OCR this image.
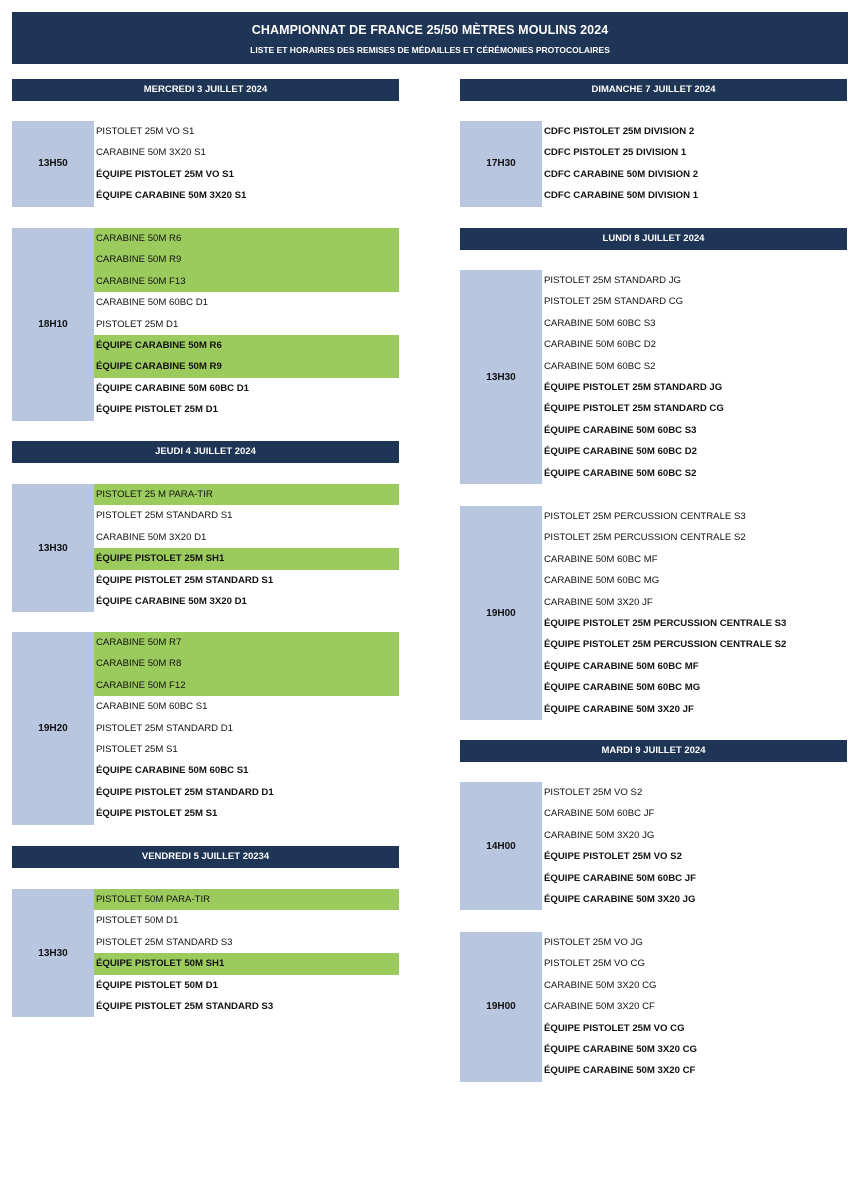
CHAMPIONNAT DE FRANCE 25/50 MÈTRES MOULINS 2024
LISTE ET HORAIRES DES REMISES DE MÉDAILLES ET CÉRÉMONIES PROTOCOLAIRES
MERCREDI 3 JUILLET 2024
13H50
PISTOLET 25M VO S1
CARABINE 50M 3X20 S1
ÉQUIPE PISTOLET 25M VO S1
ÉQUIPE CARABINE 50M 3X20 S1
18H10
CARABINE 50M R6
CARABINE 50M R9
CARABINE 50M F13
CARABINE 50M 60BC D1
PISTOLET 25M D1
ÉQUIPE CARABINE 50M R6
ÉQUIPE CARABINE 50M R9
ÉQUIPE CARABINE 50M 60BC D1
ÉQUIPE PISTOLET 25M D1
JEUDI 4 JUILLET 2024
13H30
PISTOLET 25 M PARA-TIR
PISTOLET 25M STANDARD S1
CARABINE 50M 3X20 D1
ÉQUIPE PISTOLET 25M SH1
ÉQUIPE PISTOLET 25M STANDARD S1
ÉQUIPE CARABINE 50M 3X20 D1
19H20
CARABINE 50M R7
CARABINE 50M R8
CARABINE 50M F12
CARABINE 50M 60BC S1
PISTOLET 25M STANDARD D1
PISTOLET 25M S1
ÉQUIPE CARABINE 50M 60BC S1
ÉQUIPE PISTOLET 25M STANDARD D1
ÉQUIPE PISTOLET 25M S1
VENDREDI 5 JUILLET 20234
13H30
PISTOLET 50M PARA-TIR
PISTOLET 50M D1
PISTOLET 25M STANDARD S3
ÉQUIPE PISTOLET 50M SH1
ÉQUIPE PISTOLET 50M D1
ÉQUIPE PISTOLET 25M STANDARD S3
DIMANCHE 7 JUILLET 2024
17H30
CDFC PISTOLET 25M DIVISION 2
CDFC PISTOLET 25 DIVISION 1
CDFC CARABINE 50M DIVISION 2
CDFC CARABINE 50M DIVISION 1
LUNDI 8 JUILLET 2024
13H30
PISTOLET 25M STANDARD JG
PISTOLET 25M STANDARD CG
CARABINE 50M 60BC S3
CARABINE 50M 60BC D2
CARABINE 50M 60BC S2
ÉQUIPE PISTOLET 25M STANDARD JG
ÉQUIPE PISTOLET 25M STANDARD CG
ÉQUIPE CARABINE 50M 60BC S3
ÉQUIPE CARABINE 50M 60BC D2
ÉQUIPE CARABINE 50M 60BC S2
19H00
PISTOLET 25M PERCUSSION CENTRALE S3
PISTOLET 25M PERCUSSION CENTRALE S2
CARABINE 50M 60BC MF
CARABINE 50M 60BC MG
CARABINE 50M 3X20 JF
ÉQUIPE PISTOLET 25M PERCUSSION CENTRALE S3
ÉQUIPE PISTOLET 25M PERCUSSION CENTRALE S2
ÉQUIPE CARABINE 50M 60BC MF
ÉQUIPE CARABINE 50M 60BC MG
ÉQUIPE CARABINE 50M 3X20 JF
MARDI 9 JUILLET 2024
14H00
PISTOLET 25M VO S2
CARABINE 50M 60BC JF
CARABINE 50M 3X20 JG
ÉQUIPE PISTOLET 25M VO S2
ÉQUIPE CARABINE 50M 60BC JF
ÉQUIPE CARABINE 50M 3X20 JG
19H00
PISTOLET 25M VO JG
PISTOLET 25M VO CG
CARABINE 50M 3X20 CG
CARABINE 50M 3X20 CF
ÉQUIPE PISTOLET 25M VO CG
ÉQUIPE CARABINE 50M 3X20 CG
ÉQUIPE CARABINE 50M 3X20 CF
